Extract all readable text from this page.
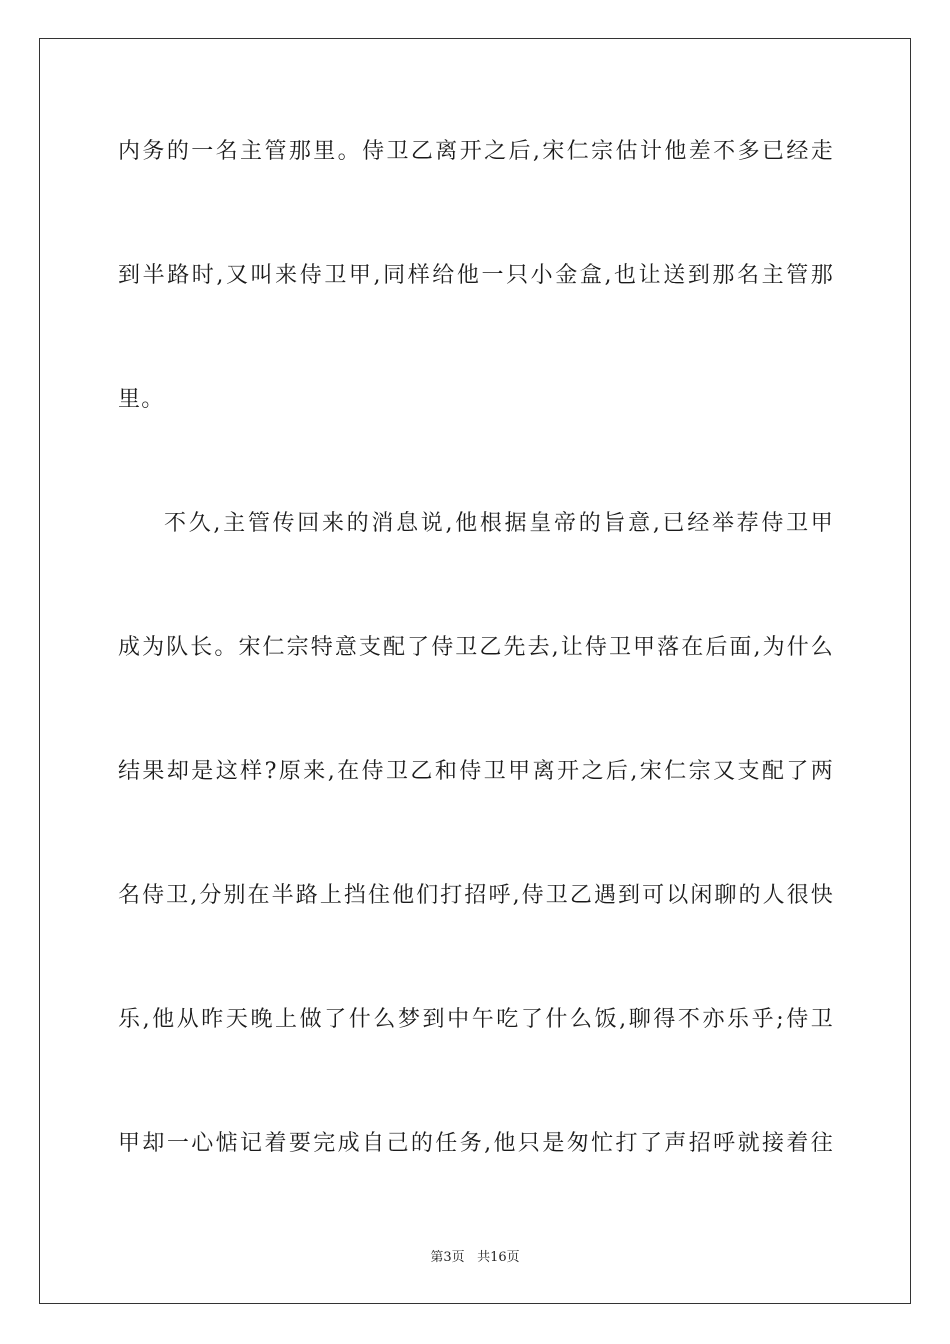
内务的一名主管那里。侍卫乙离开之后,宋仁宗估计他差不多已经走
到半路时,又叫来侍卫甲,同样给他一只小金盒,也让送到那名主管那
里。
不久,主管传回来的消息说,他根据皇帝的旨意,已经举荐侍卫甲
成为队长。宋仁宗特意支配了侍卫乙先去,让侍卫甲落在后面,为什么
结果却是这样?原来,在侍卫乙和侍卫甲离开之后,宋仁宗又支配了两
名侍卫,分别在半路上挡住他们打招呼,侍卫乙遇到可以闲聊的人很快
乐,他从昨天晚上做了什么梦到中午吃了什么饭,聊得不亦乐乎;侍卫
甲却一心惦记着要完成自己的任务,他只是匆忙打了声招呼就接着往
第3页 共16页
